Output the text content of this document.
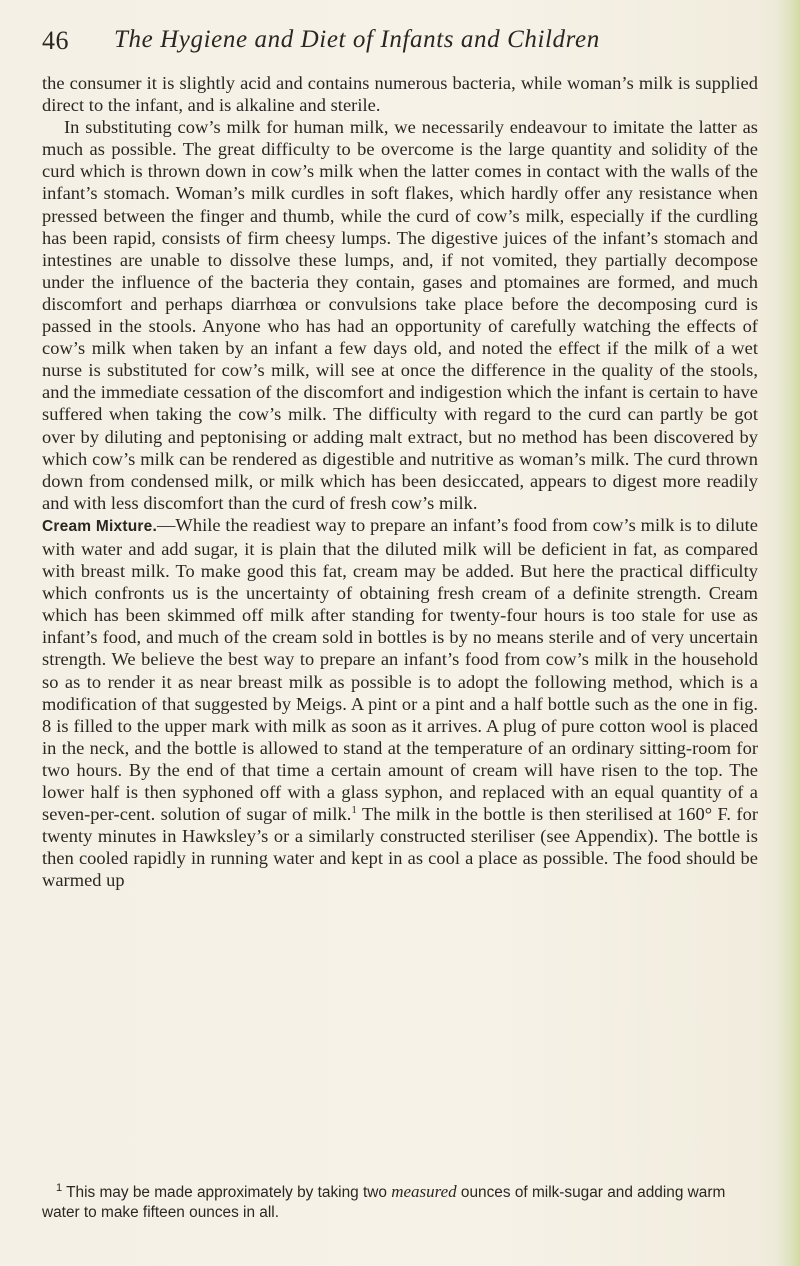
46 The Hygiene and Diet of Infants and Children

the consumer it is slightly acid and contains numerous bacteria, while woman’s milk is supplied direct to the infant, and is alkaline and sterile.

In substituting cow’s milk for human milk, we necessarily endeavour to imitate the latter as much as possible. The great difficulty to be overcome is the large quantity and solidity of the curd which is thrown down in cow’s milk when the latter comes in contact with the walls of the infant’s stomach. Woman’s milk curdles in soft flakes, which hardly offer any resistance when pressed between the finger and thumb, while the curd of cow’s milk, especially if the curdling has been rapid, consists of firm cheesy lumps. The digestive juices of the infant’s stomach and intestines are unable to dissolve these lumps, and, if not vomited, they partially decompose under the influence of the bacteria they contain, gases and ptomaines are formed, and much discomfort and perhaps diarrhœa or convulsions take place before the decomposing curd is passed in the stools. Anyone who has had an opportunity of carefully watching the effects of cow’s milk when taken by an infant a few days old, and noted the effect if the milk of a wet nurse is substituted for cow’s milk, will see at once the difference in the quality of the stools, and the immediate cessation of the discomfort and indigestion which the infant is certain to have suffered when taking the cow’s milk. The difficulty with regard to the curd can partly be got over by diluting and peptonising or adding malt extract, but no method has been discovered by which cow’s milk can be rendered as digestible and nutritive as woman’s milk. The curd thrown down from condensed milk, or milk which has been desiccated, appears to digest more readily and with less discomfort than the curd of fresh cow’s milk.

Cream Mixture.—While the readiest way to prepare an infant’s food from cow’s milk is to dilute with water and add sugar, it is plain that the diluted milk will be deficient in fat, as compared with breast milk. To make good this fat, cream may be added. But here the practical difficulty which confronts us is the uncertainty of obtaining fresh cream of a definite strength. Cream which has been skimmed off milk after standing for twenty-four hours is too stale for use as infant’s food, and much of the cream sold in bottles is by no means sterile and of very uncertain strength. We believe the best way to prepare an infant’s food from cow’s milk in the household so as to render it as near breast milk as possible is to adopt the following method, which is a modification of that suggested by Meigs. A pint or a pint and a half bottle such as the one in fig. 8 is filled to the upper mark with milk as soon as it arrives. A plug of pure cotton wool is placed in the neck, and the bottle is allowed to stand at the temperature of an ordinary sitting-room for two hours. By the end of that time a certain amount of cream will have risen to the top. The lower half is then syphoned off with a glass syphon, and replaced with an equal quantity of a seven-per-cent. solution of sugar of milk.$^1$ The milk in the bottle is then sterilised at 160° F. for twenty minutes in Hawksley’s or a similarly constructed steriliser (see Appendix). The bottle is then cooled rapidly in running water and kept in as cool a place as possible. The food should be warmed up

$^1$ This may be made approximately by taking two measured ounces of milk-sugar and adding warm water to make fifteen ounces in all.
